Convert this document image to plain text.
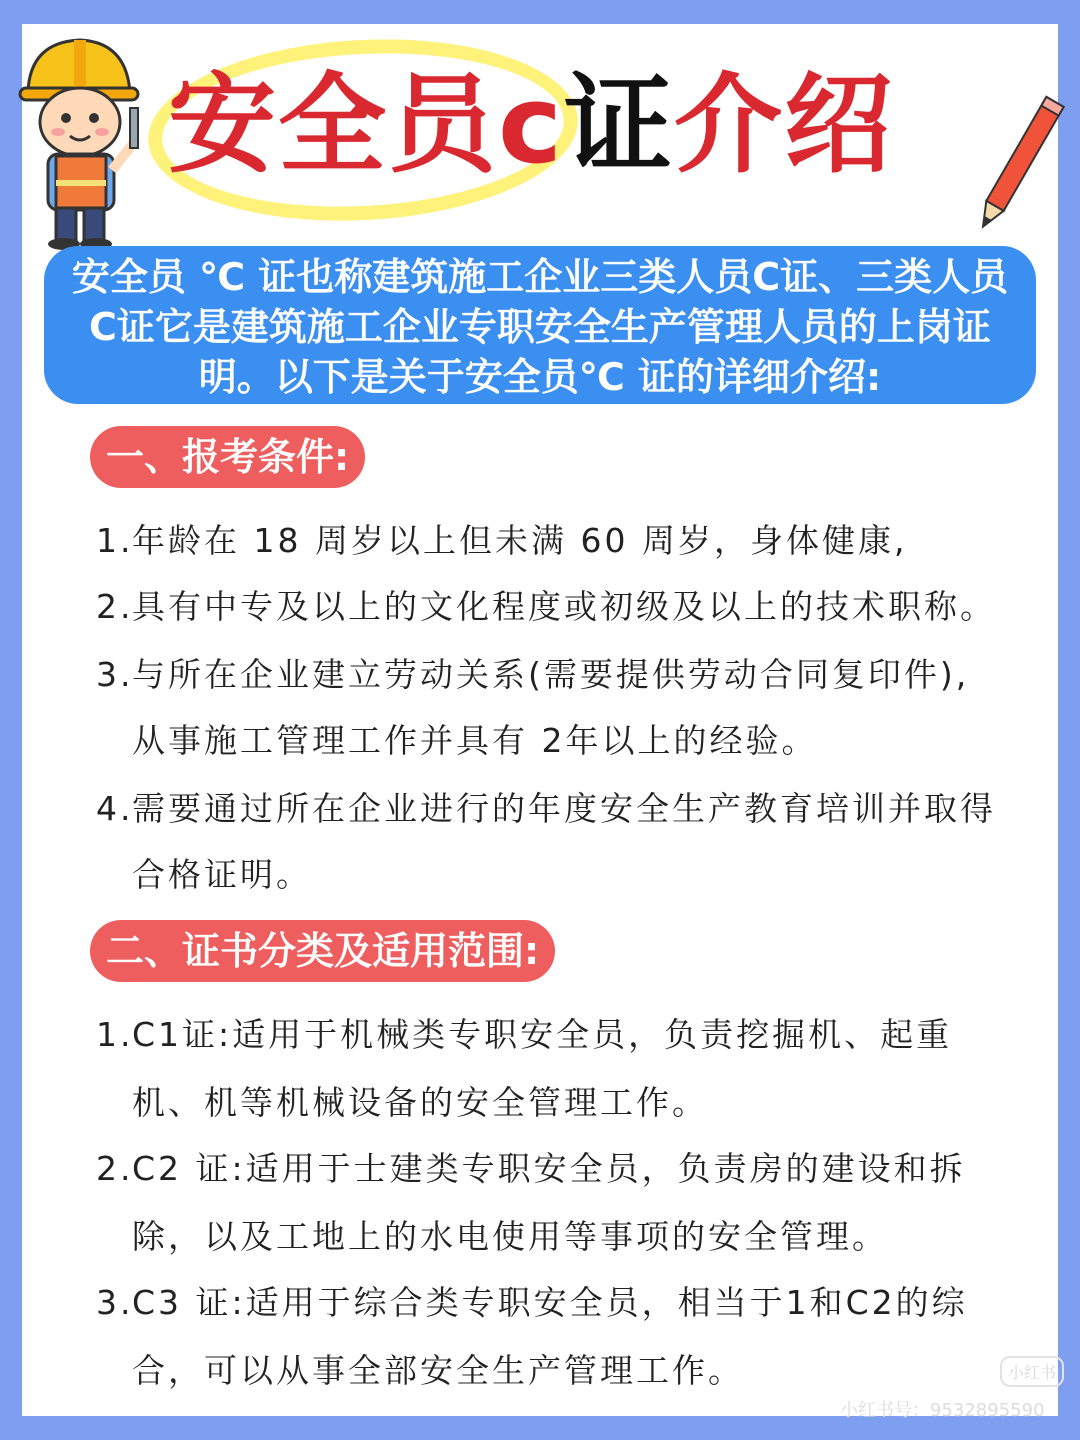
安全员c证介绍
安全员 ℃ 证也称建筑施工企业三类人员C证、三类人员
C证它是建筑施工企业专职安全生产管理人员的上岗证
明。以下是关于安全员℃ 证的详细介绍:
一、报考条件:
1.年龄在 18 周岁以上但未满 60 周岁，身体健康,
2.具有中专及以上的文化程度或初级及以上的技术职称。
3.与所在企业建立劳动关系(需要提供劳动合同复印件),
从事施工管理工作并具有 2年以上的经验。
4.需要通过所在企业进行的年度安全生产教育培训并取得
合格证明。
二、证书分类及适用范围:
1.C1证:适用于机械类专职安全员，负责挖掘机、起重
机、机等机械设备的安全管理工作。
2.C2 证:适用于士建类专职安全员，负责房的建设和拆
除，以及工地上的水电使用等事项的安全管理。
3.C3 证:适用于综合类专职安全员，相当于1和C2的综
合，可以从事全部安全生产管理工作。	小红书
小红书号：9532895590
